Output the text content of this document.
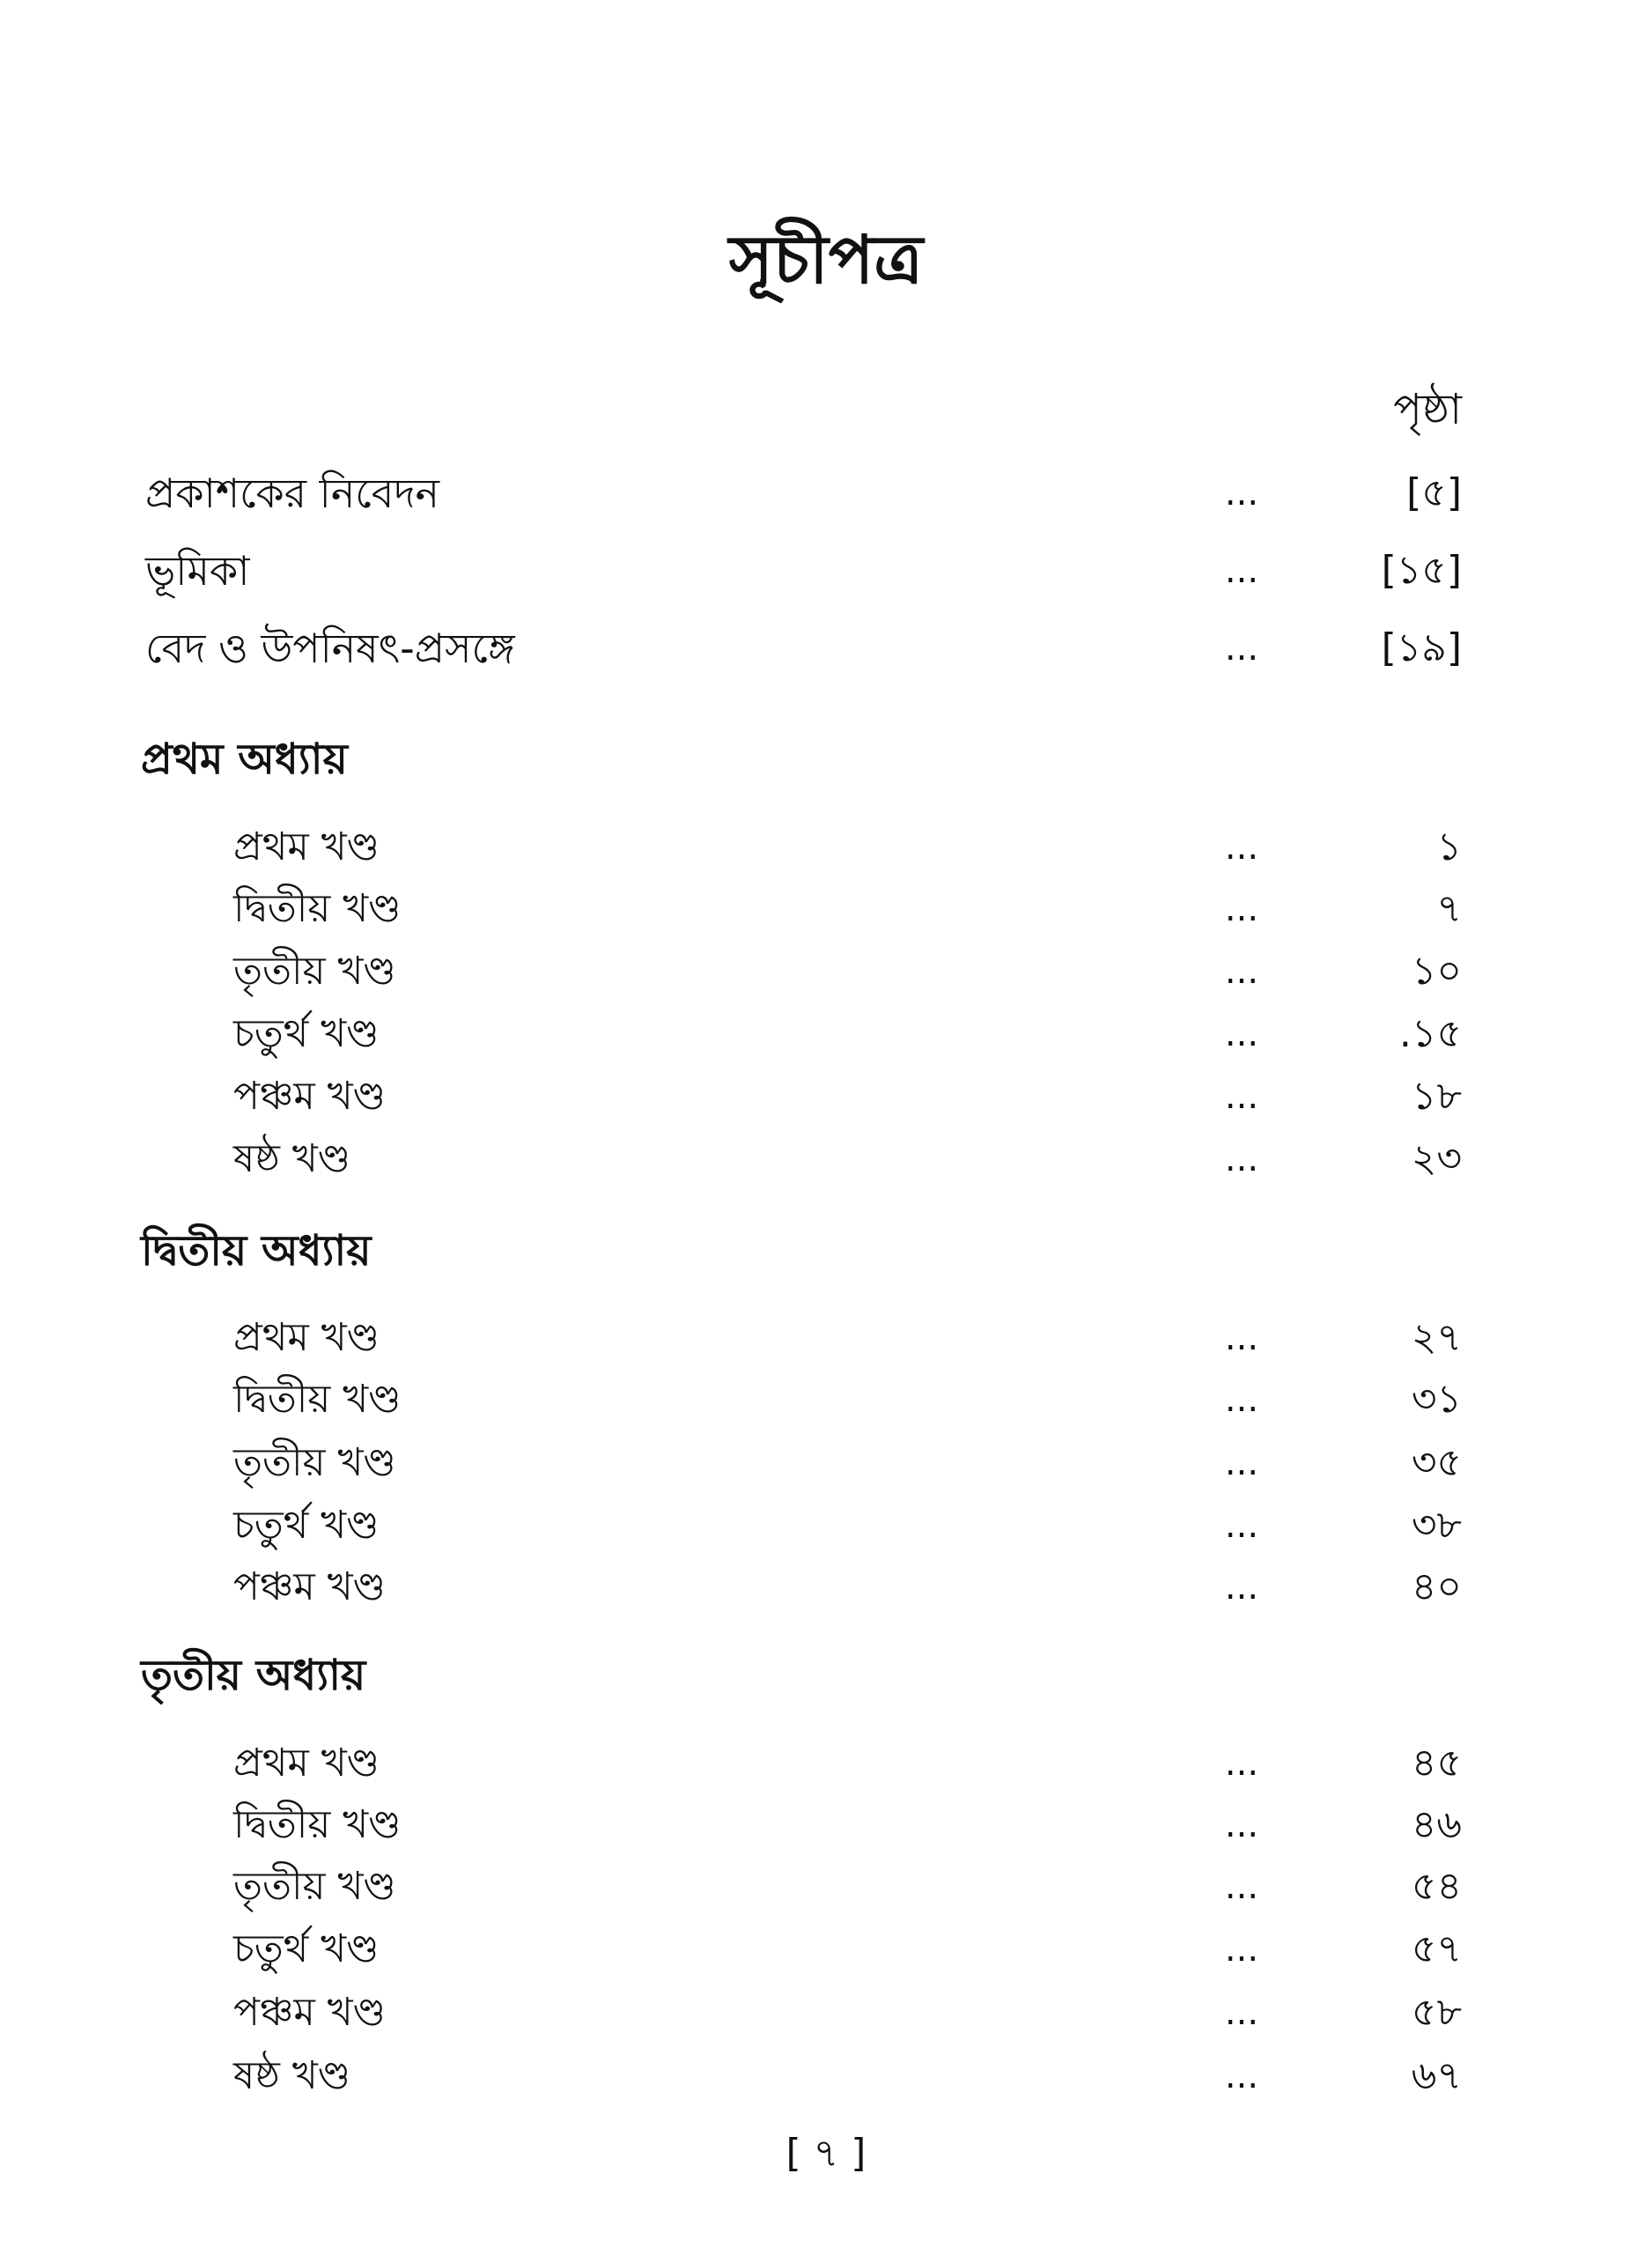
সূচীপত্র
পৃষ্ঠা
প্রকাশকের নিবেদন	...	[৫]
ভূমিকা	...	[১৫]
বেদ ও উপনিষৎ-প্রসঙ্গে	...	[১৯]
প্রথম অধ্যায়
প্রথম খণ্ড	...	১
দ্বিতীয় খণ্ড	...	৭
তৃতীয় খণ্ড	...	১০
চতুর্থ খণ্ড	...	.১৫
পঞ্চম খণ্ড	...	১৮
ষষ্ঠ খণ্ড	...	২৩
দ্বিতীয় অধ্যায়
প্রথম খণ্ড	...	২৭
দ্বিতীয় খণ্ড	...	৩১
তৃতীয় খণ্ড	...	৩৫
চতুর্থ খণ্ড	...	৩৮
পঞ্চম খণ্ড	...	৪০
তৃতীয় অধ্যায়
প্রথম খণ্ড	...	৪৫
দ্বিতীয় খণ্ড	...	৪৬
তৃতীয় খণ্ড	...	৫৪
চতুর্থ খণ্ড	...	৫৭
পঞ্চম খণ্ড	...	৫৮
ষষ্ঠ খণ্ড	...	৬৭
[ ৭ ]
